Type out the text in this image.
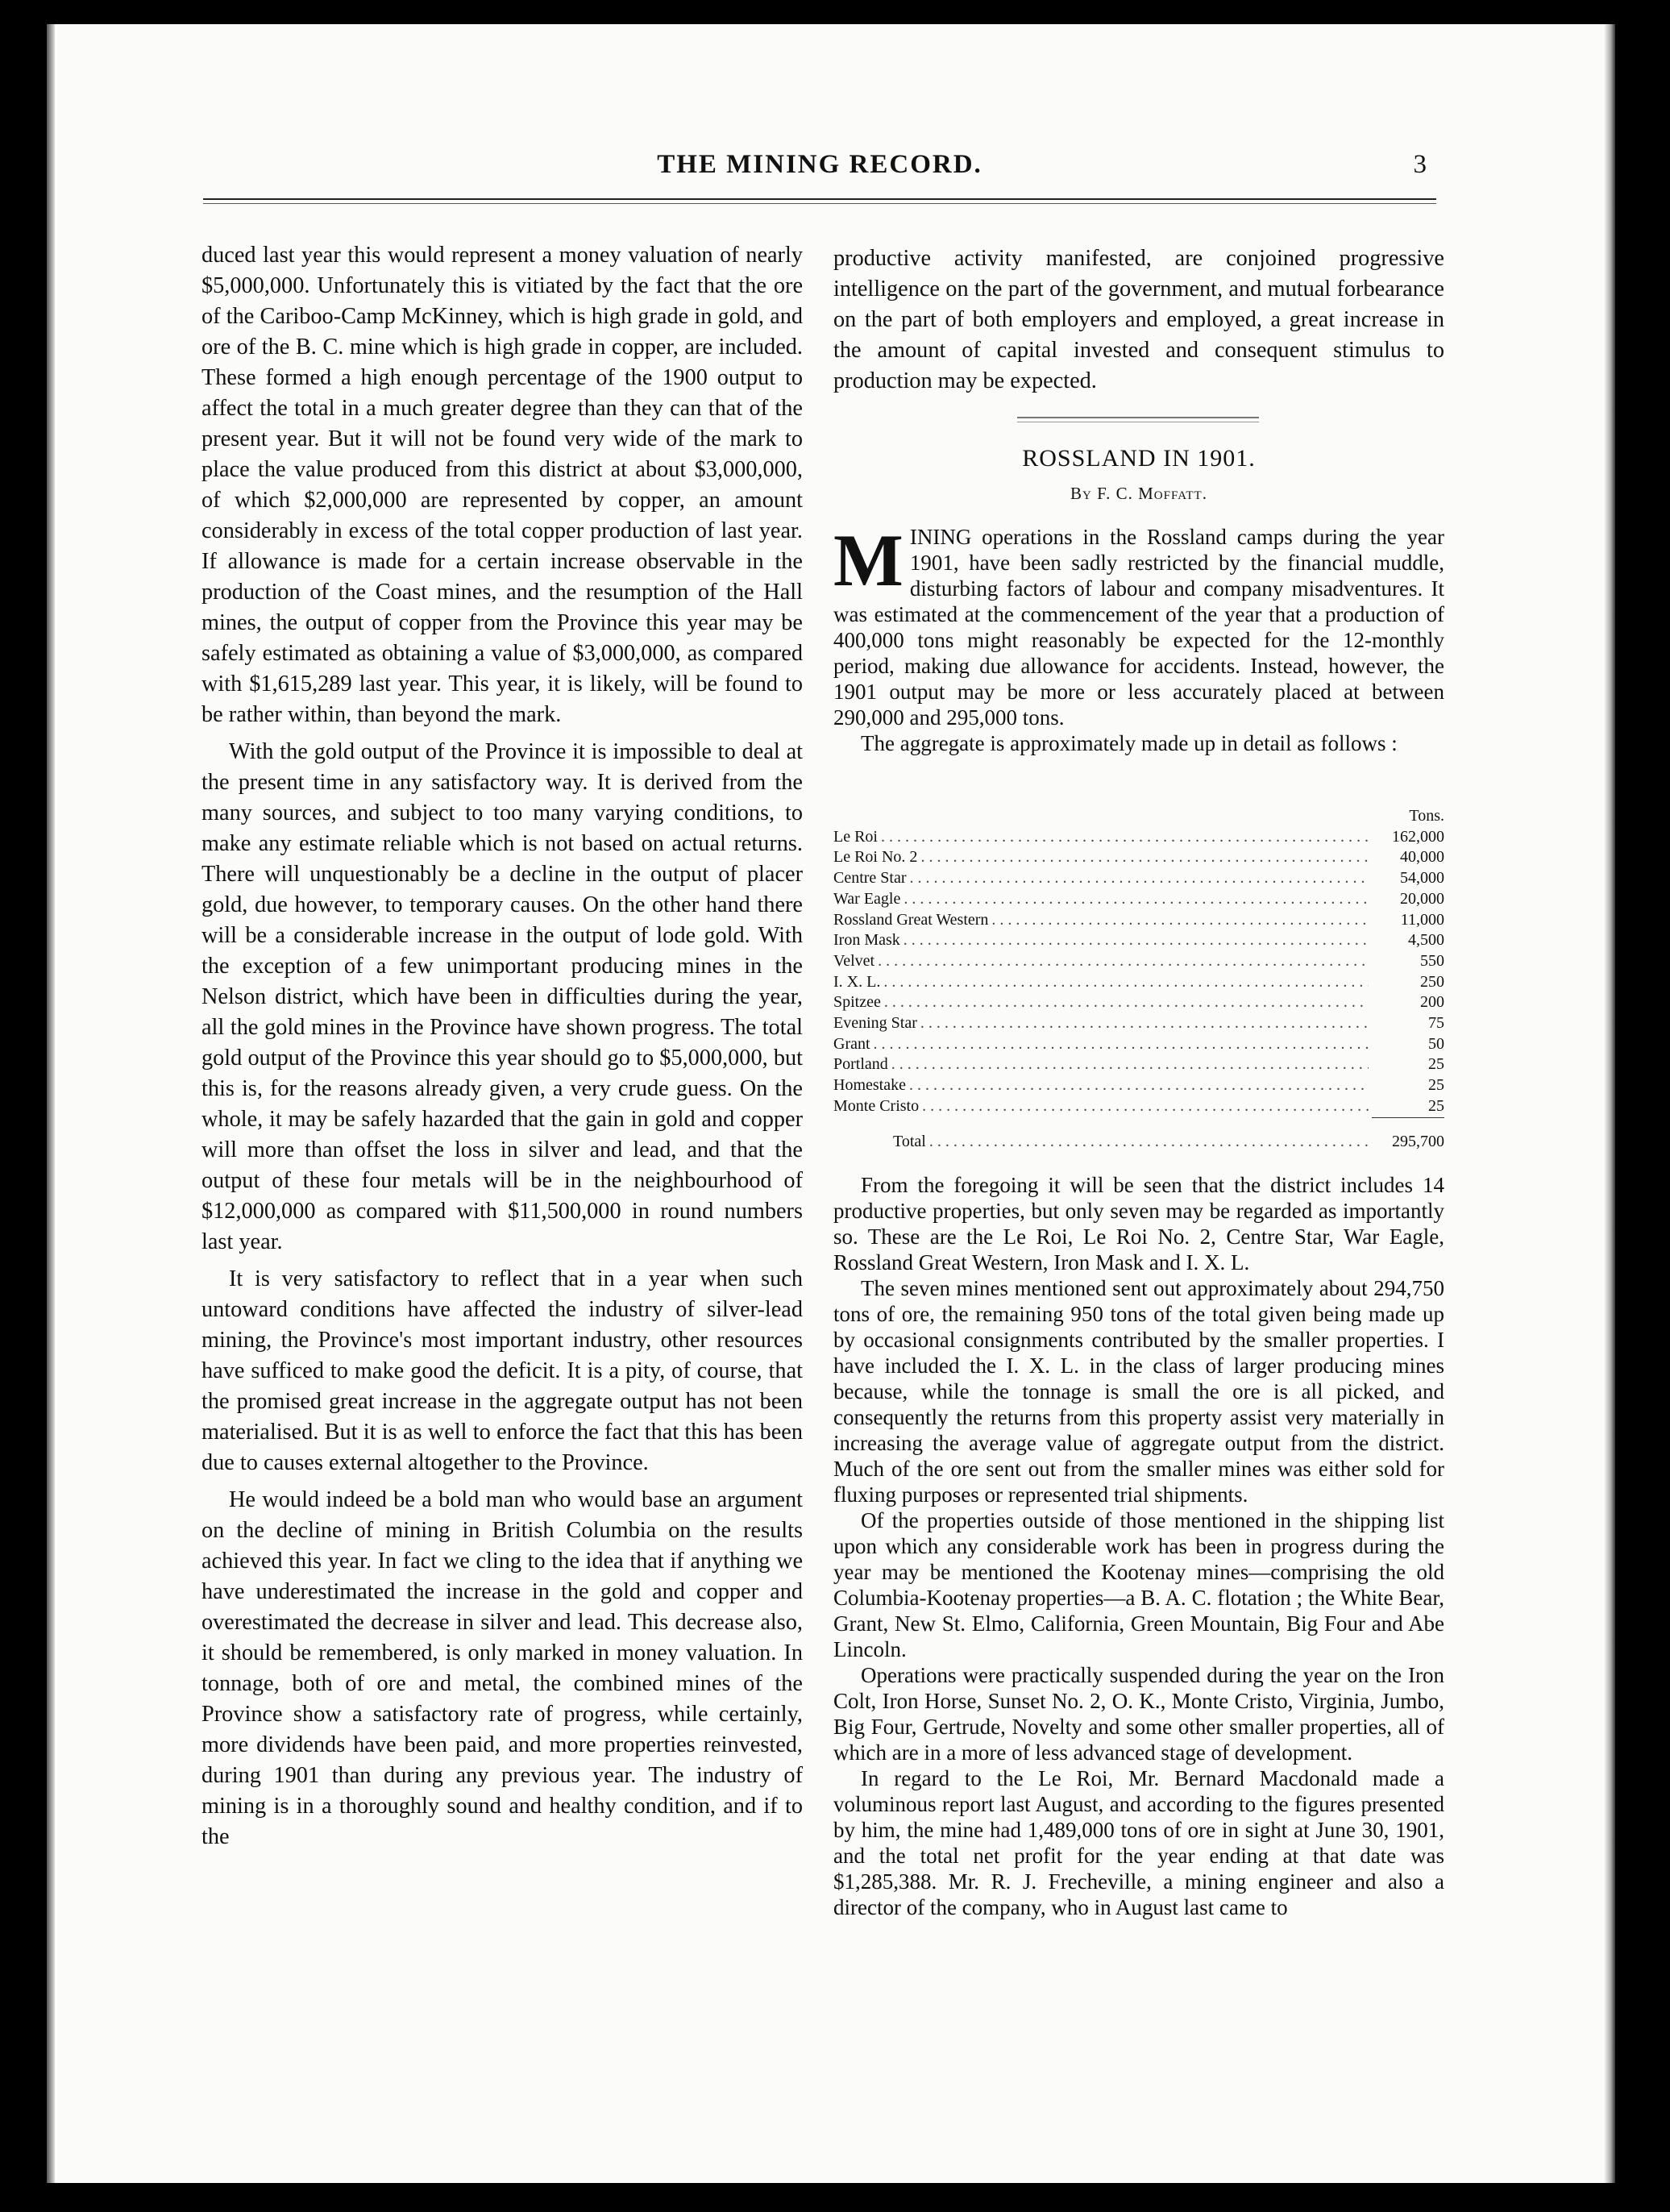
THE MINING RECORD.	3

duced last year this would represent a money valuation of nearly $5,000,000. Unfortunately this is vitiated by the fact that the ore of the Cariboo-Camp McKinney, which is high grade in gold, and ore of the B. C. mine which is high grade in copper, are included. These formed a high enough percentage of the 1900 output to affect the total in a much greater degree than they can that of the present year. But it will not be found very wide of the mark to place the value produced from this district at about $3,000,000, of which $2,000,000 are represented by copper, an amount considerably in excess of the total copper production of last year. If allowance is made for a certain increase observable in the production of the Coast mines, and the resumption of the Hall mines, the output of copper from the Province this year may be safely estimated as obtaining a value of $3,000,000, as compared with $1,615,289 last year. This year, it is likely, will be found to be rather within, than beyond the mark.

With the gold output of the Province it is impossible to deal at the present time in any satisfactory way. It is derived from the many sources, and subject to too many varying conditions, to make any estimate reliable which is not based on actual returns. There will unquestionably be a decline in the output of placer gold, due however, to temporary causes. On the other hand there will be a considerable increase in the output of lode gold. With the exception of a few unimportant producing mines in the Nelson district, which have been in difficulties during the year, all the gold mines in the Province have shown progress. The total gold output of the Province this year should go to $5,000,000, but this is, for the reasons already given, a very crude guess. On the whole, it may be safely hazarded that the gain in gold and copper will more than offset the loss in silver and lead, and that the output of these four metals will be in the neighbourhood of $12,000,000 as compared with $11,500,000 in round numbers last year.

It is very satisfactory to reflect that in a year when such untoward conditions have affected the industry of silver-lead mining, the Province's most important industry, other resources have sufficed to make good the deficit. It is a pity, of course, that the promised great increase in the aggregate output has not been materialised. But it is as well to enforce the fact that this has been due to causes external altogether to the Province.

He would indeed be a bold man who would base an argument on the decline of mining in British Columbia on the results achieved this year. In fact we cling to the idea that if anything we have underestimated the increase in the gold and copper and overestimated the decrease in silver and lead. This decrease also, it should be remembered, is only marked in money valuation. In tonnage, both of ore and metal, the combined mines of the Province show a satisfactory rate of progress, while certainly, more dividends have been paid, and more properties reinvested, during 1901 than during any previous year. The industry of mining is in a thoroughly sound and healthy condition, and if to the

productive activity manifested, are conjoined progressive intelligence on the part of the government, and mutual forbearance on the part of both employers and employed, a great increase in the amount of capital invested and consequent stimulus to production may be expected.

ROSSLAND IN 1901.
By F. C. Moffatt.

MINING operations in the Rossland camps during the year 1901, have been sadly restricted by the financial muddle, disturbing factors of labour and company misadventures. It was estimated at the commencement of the year that a production of 400,000 tons might reasonably be expected for the 12-monthly period, making due allowance for accidents. Instead, however, the 1901 output may be more or less accurately placed at between 290,000 and 295,000 tons.

The aggregate is approximately made up in detail as follows :

Tons.
Le Roi . . .	162,000
Le Roi No. 2 . . .	40,000
Centre Star . . .	54,000
War Eagle . . .	20,000
Rossland Great Western . . .	11,000
Iron Mask . . .	4,500
Velvet . . .	550
I. X. L. . . .	250
Spitzee . . .	200
Evening Star . . .	75
Grant . . .	50
Portland . . .	25
Homestake . . .	25
Monte Cristo . . .	25
Total . . .	295,700

From the foregoing it will be seen that the district includes 14 productive properties, but only seven may be regarded as importantly so. These are the Le Roi, Le Roi No. 2, Centre Star, War Eagle, Rossland Great Western, Iron Mask and I. X. L.

The seven mines mentioned sent out approximately about 294,750 tons of ore, the remaining 950 tons of the total given being made up by occasional consignments contributed by the smaller properties. I have included the I. X. L. in the class of larger producing mines because, while the tonnage is small the ore is all picked, and consequently the returns from this property assist very materially in increasing the average value of aggregate output from the district. Much of the ore sent out from the smaller mines was either sold for fluxing purposes or represented trial shipments.

Of the properties outside of those mentioned in the shipping list upon which any considerable work has been in progress during the year may be mentioned the Kootenay mines—comprising the old Columbia-Kootenay properties—a B. A. C. flotation ; the White Bear, Grant, New St. Elmo, California, Green Mountain, Big Four and Abe Lincoln.

Operations were practically suspended during the year on the Iron Colt, Iron Horse, Sunset No. 2, O. K., Monte Cristo, Virginia, Jumbo, Big Four, Gertrude, Novelty and some other smaller properties, all of which are in a more of less advanced stage of development.

In regard to the Le Roi, Mr. Bernard Macdonald made a voluminous report last August, and according to the figures presented by him, the mine had 1,489,000 tons of ore in sight at June 30, 1901, and the total net profit for the year ending at that date was $1,285,388. Mr. R. J. Frecheville, a mining engineer and also a director of the company, who in August last came to
